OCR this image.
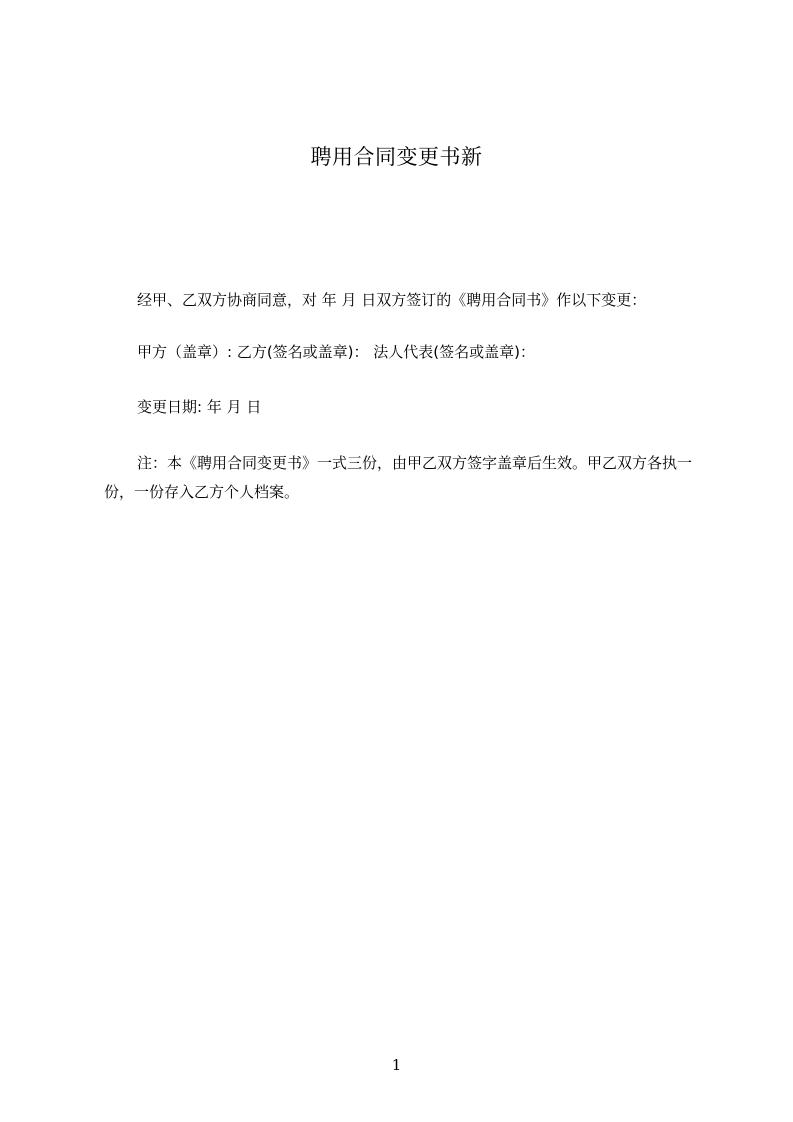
聘用合同变更书新
经甲、乙双方协商同意，对 年 月 日双方签订的《聘用合同书》作以下变更：
甲方（盖章）: 乙方(签名或盖章)： 法人代表(签名或盖章)：
变更日期: 年 月 日
注：本《聘用合同变更书》一式三份，由甲乙双方签字盖章后生效。甲乙双方各执一份，一份存入乙方个人档案。
1
